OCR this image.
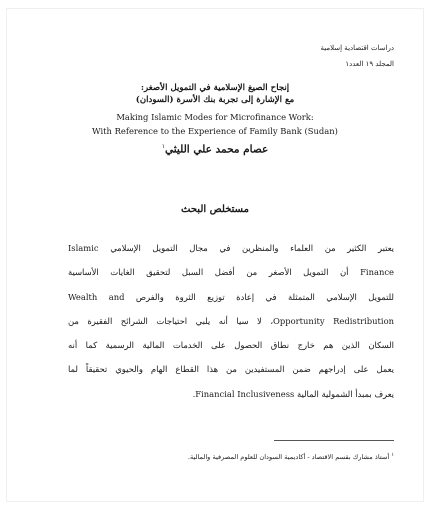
دراسات اقتصادية إسلامية
المجلد ١٩ العدد١

إنجاح الصيغ الإسلامية في التمويل الأصغر:

مع الإشارة إلى تجربة بنك الأسرة (السودان)

Making Islamic Modes for Microfinance Work:

With Reference to the Experience of Family Bank (Sudan)

عصام محمد علي الليثي$^١$
مستخلص البحث
يعتبر الكثير من العلماء والمنظرين في مجال التمويل الإسلامي Islamic
Finance أن التمويل الأصغر من أفضل السبل لتحقيق الغايات الأساسية
للتمويل الإسلامي المتمثلة في إعادة توزيع الثروة والفرص Wealth and
Opportunity Redistribution، لا سيا أنه يلبي احتياجات الشرائح الفقيرة من
السكان الذين هم خارج نطاق الحصول على الخدمات المالية الرسمية كما أنه
يعمل على إدراجهم ضمن المستفيدين من هذا القطاع الهام والحيوي تحقيقاً لما
يعرف بمبدأ الشمولية المالية Financial Inclusiveness.
$^١$ أستاذ مشارك بقسم الاقتصاد - أكاديمية السودان للعلوم المصرفية والمالية.
